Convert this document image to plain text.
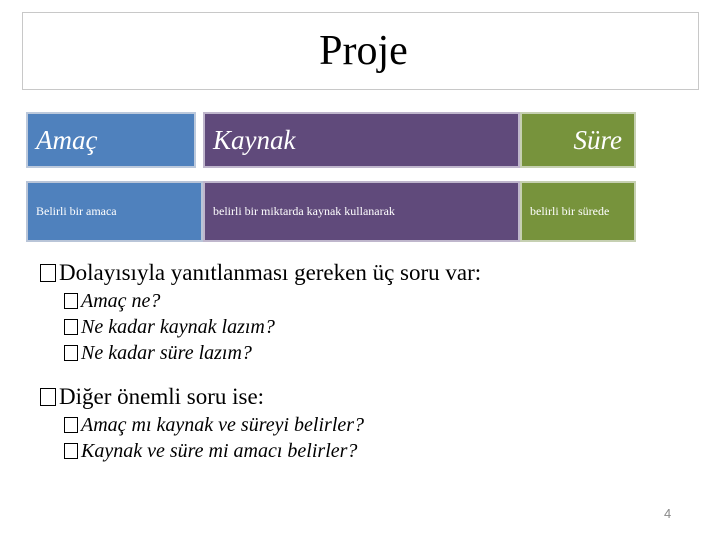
Proje
Amaç	Kaynak	Süre
Belirli bir amaca	belirli bir miktarda kaynak kullanarak	belirli bir sürede

Dolayısıyla yanıtlanması gereken üç soru var:

Amaç ne?

Ne kadar kaynak lazım?

Ne kadar süre lazım?

Diğer önemli soru ise:

Amaç mı kaynak ve süreyi belirler?

Kaynak ve süre mi amacı belirler?

4
